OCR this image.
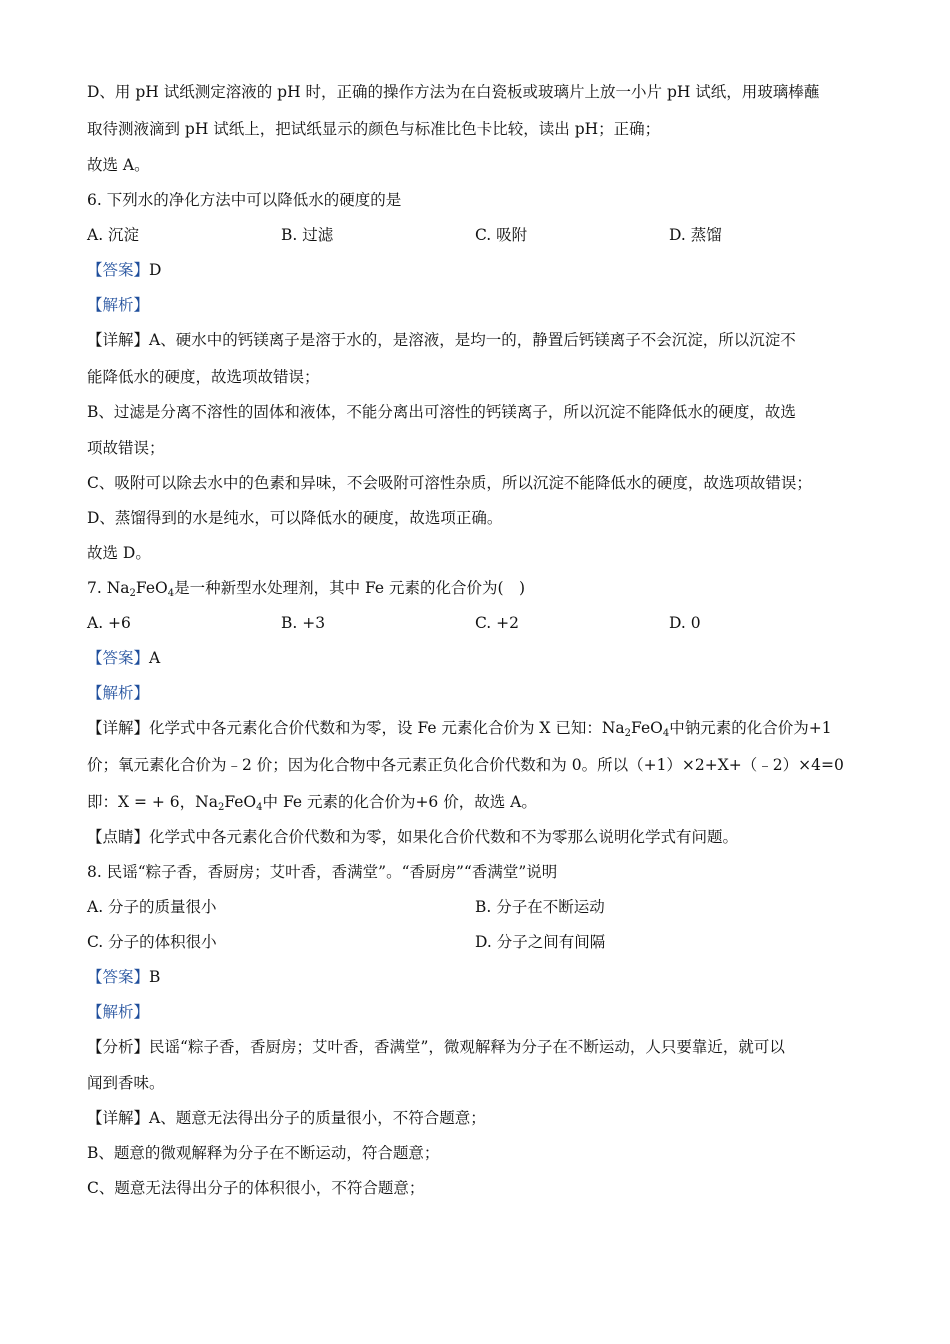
D、用 pH 试纸测定溶液的 pH 时，正确的操作方法为在白瓷板或玻璃片上放一小片 pH 试纸，用玻璃棒蘸
取待测液滴到 pH 试纸上，把试纸显示的颜色与标准比色卡比较，读出 pH；正确；
故选 A。
6. 下列水的净化方法中可以降低水的硬度的是
A. 沉淀	B. 过滤	C. 吸附	D. 蒸馏
【答案】D
【解析】
【详解】A、硬水中的钙镁离子是溶于水的，是溶液，是均一的，静置后钙镁离子不会沉淀，所以沉淀不
能降低水的硬度，故选项故错误；
B、过滤是分离不溶性的固体和液体，不能分离出可溶性的钙镁离子，所以沉淀不能降低水的硬度，故选
项故错误；
C、吸附可以除去水中的色素和异味，不会吸附可溶性杂质，所以沉淀不能降低水的硬度，故选项故错误；
D、蒸馏得到的水是纯水，可以降低水的硬度，故选项正确。
故选 D。
7. $Na_2FeO_4$是一种新型水处理剂，其中 Fe 元素的化合价为(　)
A. +6	B. +3	C. +2	D. 0
【答案】A
【解析】
【详解】化学式中各元素化合价代数和为零，设 Fe 元素化合价为 X 已知：$Na_2FeO_4$中钠元素的化合价为+1
价；氧元素化合价为﹣2 价；因为化合物中各元素正负化合价代数和为 0。所以（+1）×2+X+（﹣2）×4=0
即：X = + 6，$Na_2FeO_4$中 Fe 元素的化合价为+6 价，故选 A。
【点睛】化学式中各元素化合价代数和为零，如果化合价代数和不为零那么说明化学式有问题。
8. 民谣“粽子香，香厨房；艾叶香，香满堂”。“香厨房”“香满堂”说明
A. 分子的质量很小	B. 分子在不断运动
C. 分子的体积很小	D. 分子之间有间隔
【答案】B
【解析】
【分析】民谣“粽子香，香厨房；艾叶香，香满堂”，微观解释为分子在不断运动，人只要靠近，就可以
闻到香味。
【详解】A、题意无法得出分子的质量很小，不符合题意；
B、题意的微观解释为分子在不断运动，符合题意；
C、题意无法得出分子的体积很小，不符合题意；
